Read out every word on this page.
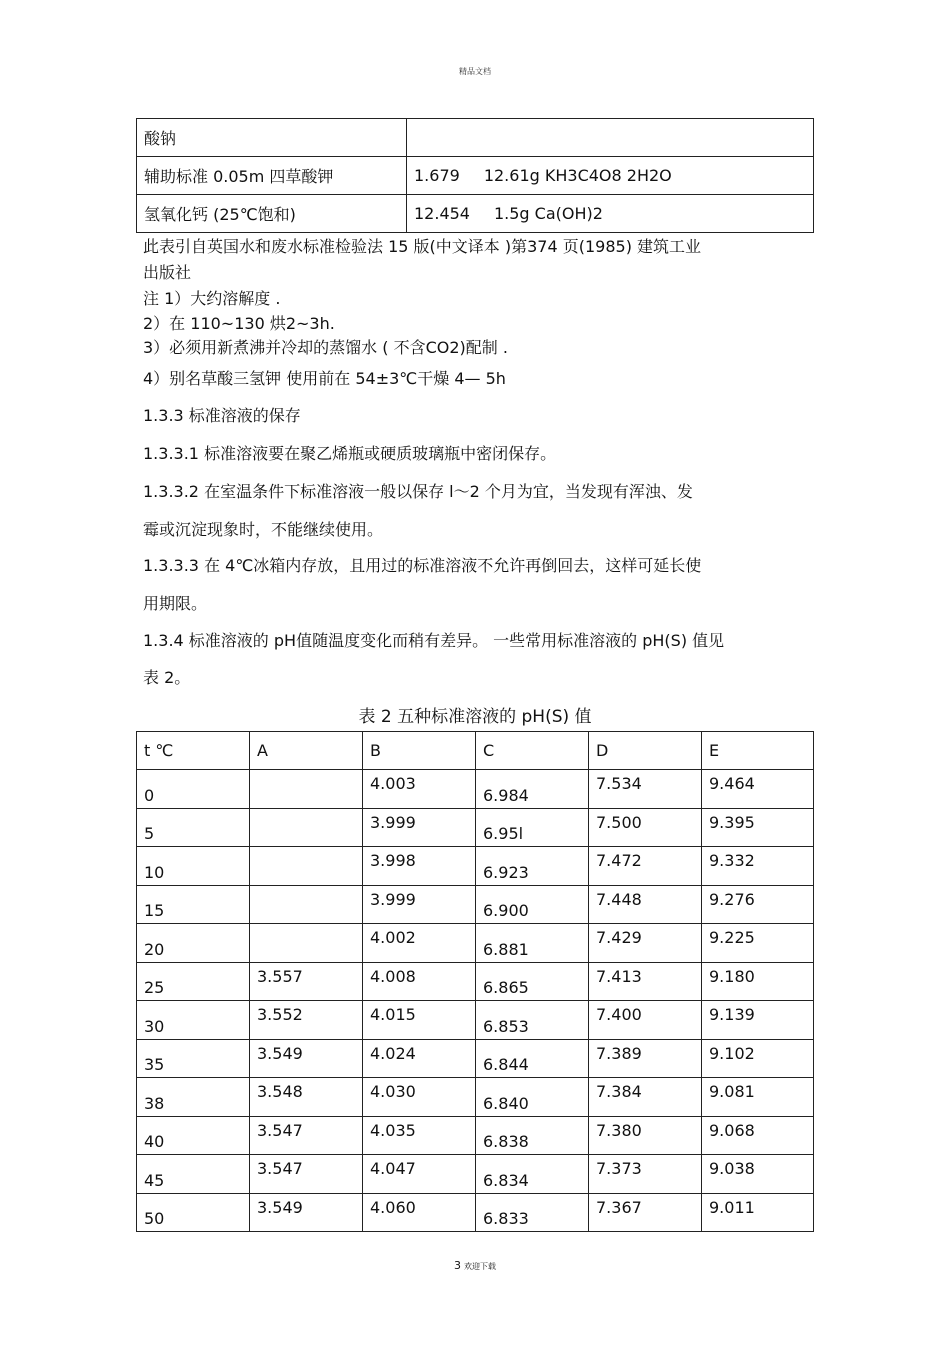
精品文档
酸钠	
辅助标准 0.05m 四草酸钾	1.679 12.61g KH3C4O8 2H2O
氢氧化钙 (25℃饱和)	12.454 1.5g Ca(OH)2
此表引自英国水和废水标准检验法 15 版(中文译本 )第374 页(1985) 建筑工业
出版社
注 1）大约溶解度 .
2）在 110~130 烘2~3h.
3）必须用新煮沸并冷却的蒸馏水 ( 不含CO2)配制 .
4）别名草酸三氢钾 使用前在 54±3℃干燥 4— 5h
1.3.3 标准溶液的保存
1.3.3.1 标准溶液要在聚乙烯瓶或硬质玻璃瓶中密闭保存。
1.3.3.2 在室温条件下标准溶液一般以保存 l～2 个月为宜，当发现有浑浊、发
霉或沉淀现象时，不能继续使用。
1.3.3.3 在 4℃冰箱内存放，且用过的标准溶液不允许再倒回去，这样可延长使
用期限。
1.3.4 标准溶液的 pH值随温度变化而稍有差异。 一些常用标准溶液的 pH(S) 值见
表 2。
表 2 五种标准溶液的 pH(S) 值
t ℃	A	B	C	D	E
0		4.003	6.984	7.534	9.464
5		3.999	6.95l	7.500	9.395
10		3.998	6.923	7.472	9.332
15		3.999	6.900	7.448	9.276
20		4.002	6.881	7.429	9.225
25	3.557	4.008	6.865	7.413	9.180
30	3.552	4.015	6.853	7.400	9.139
35	3.549	4.024	6.844	7.389	9.102
38	3.548	4.030	6.840	7.384	9.081
40	3.547	4.035	6.838	7.380	9.068
45	3.547	4.047	6.834	7.373	9.038
50	3.549	4.060	6.833	7.367	9.011
3 欢迎下载
